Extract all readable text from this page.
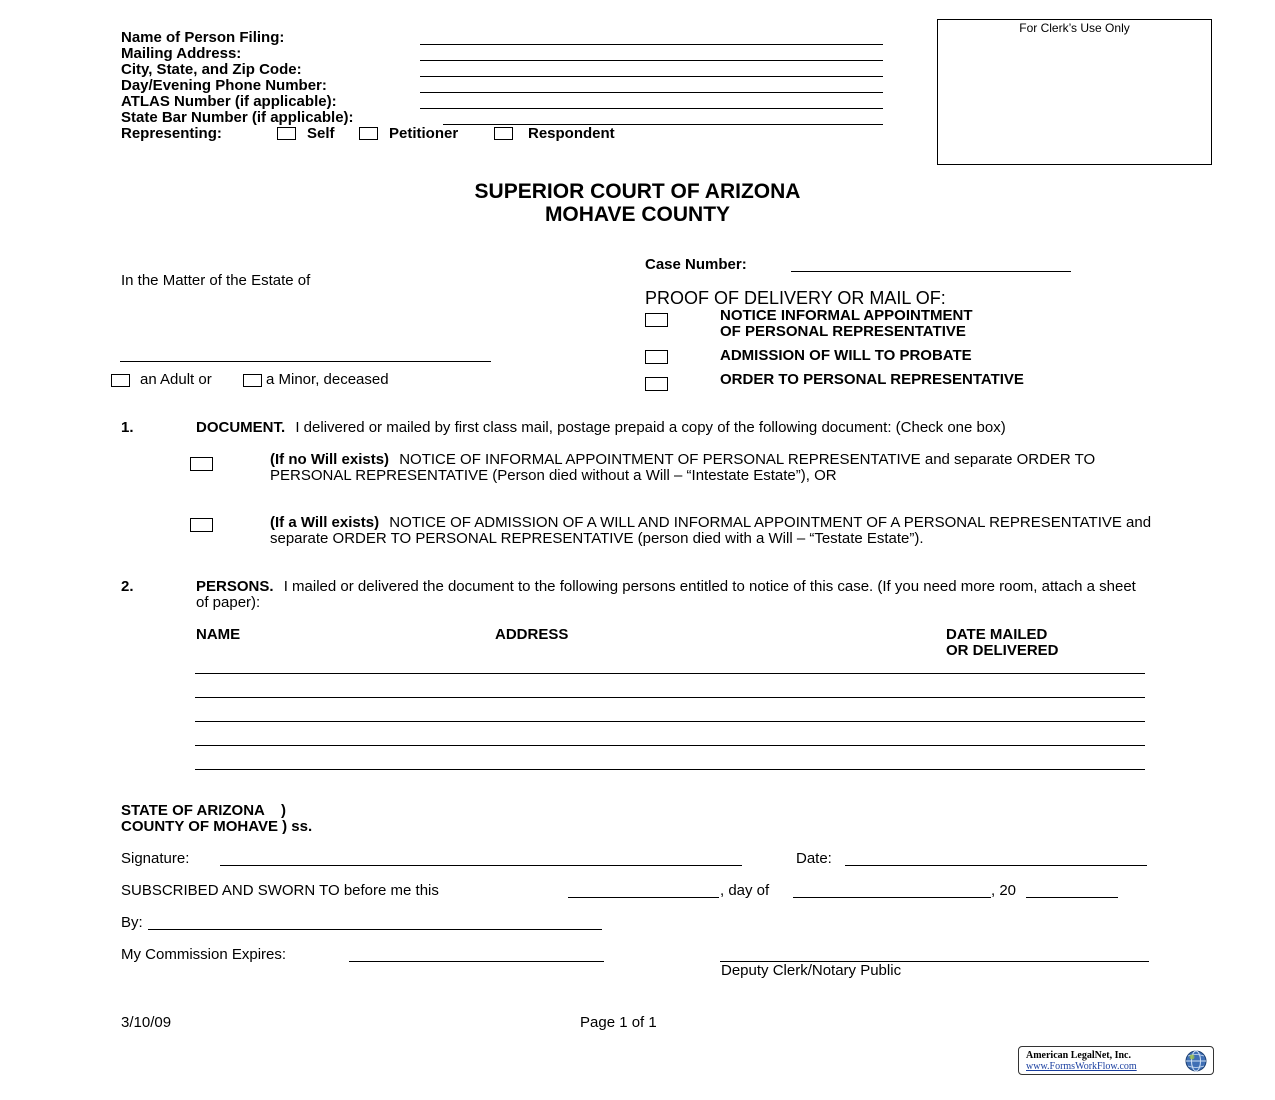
Name of Person Filing:
Mailing Address:
City, State, and Zip Code:
Day/Evening Phone Number:
ATLAS Number (if applicable):
State Bar Number (if applicable):
Representing:	Self	Petitioner	Respondent
For Clerk’s Use Only
SUPERIOR COURT OF ARIZONA
MOHAVE COUNTY
In the Matter of the Estate of
an Adult or	a Minor, deceased
Case Number:
PROOF OF DELIVERY OR MAIL OF:
NOTICE INFORMAL APPOINTMENT
OF PERSONAL REPRESENTATIVE
ADMISSION OF WILL TO PROBATE
ORDER TO PERSONAL REPRESENTATIVE
1.	DOCUMENT. I delivered or mailed by first class mail, postage prepaid a copy of the following document: (Check one box)
(If no Will exists) NOTICE OF INFORMAL APPOINTMENT OF PERSONAL REPRESENTATIVE and separate ORDER TO PERSONAL REPRESENTATIVE (Person died without a Will – “Intestate Estate”), OR
(If a Will exists) NOTICE OF ADMISSION OF A WILL AND INFORMAL APPOINTMENT OF A PERSONAL REPRESENTATIVE and separate ORDER TO PERSONAL REPRESENTATIVE (person died with a Will – “Testate Estate”).
2.	PERSONS. I mailed or delivered the document to the following persons entitled to notice of this case. (If you need more room, attach a sheet of paper):
NAME	ADDRESS	DATE MAILED
OR DELIVERED
STATE OF ARIZONA    )
COUNTY OF MOHAVE ) ss.
Signature:	Date:
SUBSCRIBED AND SWORN TO before me this	, day of	, 20
By:
My Commission Expires:
Deputy Clerk/Notary Public
3/10/09	Page 1 of 1
American LegalNet, Inc.
www.FormsWorkFlow.com
